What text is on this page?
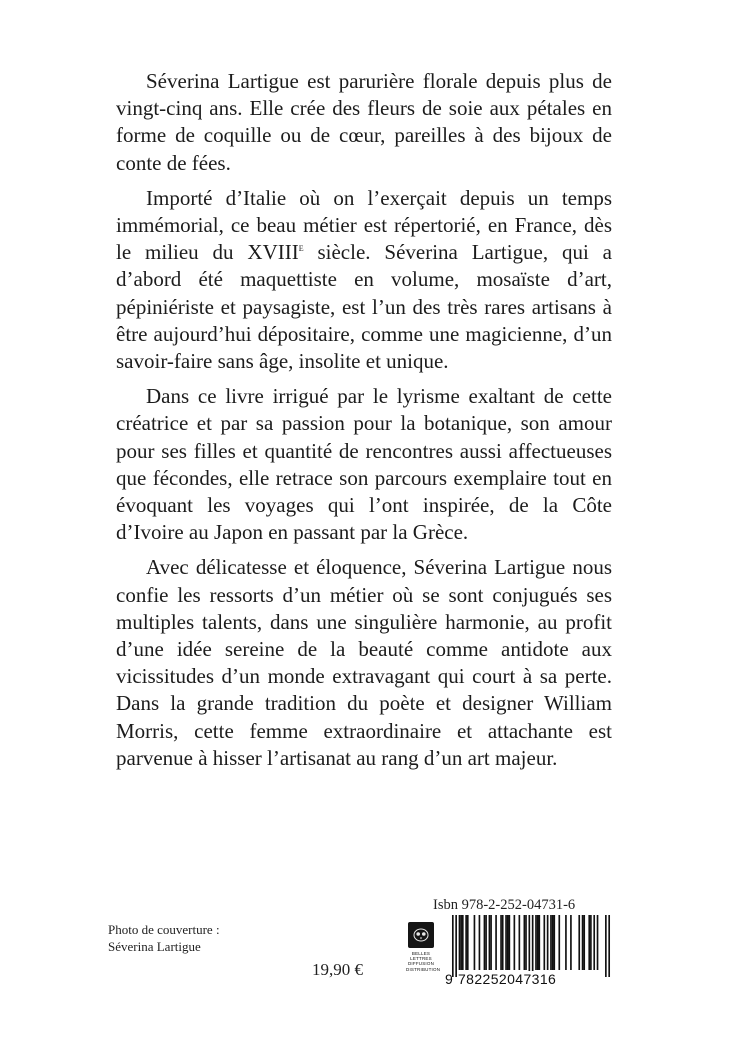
Séverina Lartigue est parurière florale depuis plus de vingt-cinq ans. Elle crée des fleurs de soie aux pétales en forme de coquille ou de cœur, pareilles à des bijoux de conte de fées.

Importé d’Italie où on l’exerçait depuis un temps immémorial, ce beau métier est répertorié, en France, dès le milieu du XVIIIe siècle. Séverina Lartigue, qui a d’abord été maquettiste en volume, mosaïste d’art, pépiniériste et paysagiste, est l’un des très rares artisans à être aujourd’hui dépositaire, comme une magicienne, d’un savoir-faire sans âge, insolite et unique.

Dans ce livre irrigué par le lyrisme exaltant de cette créatrice et par sa passion pour la botanique, son amour pour ses filles et quantité de rencontres aussi affectueuses que fécondes, elle retrace son parcours exemplaire tout en évoquant les voyages qui l’ont inspirée, de la Côte d’Ivoire au Japon en passant par la Grèce.

Avec délicatesse et éloquence, Séverina Lartigue nous confie les ressorts d’un métier où se sont conjugués ses multiples talents, dans une singulière harmonie, au profit d’une idée sereine de la beauté comme antidote aux vicissitudes d’un monde extravagant qui court à sa perte. Dans la grande tradition du poète et designer William Morris, cette femme extraordinaire et attachante est parvenue à hisser l’artisanat au rang d’un art majeur.

Photo de couverture :
Séverina Lartigue
19,90 €
Isbn 978-2-252-04731-6
BELLES LETTRES
DIFFUSION
DISTRIBUTION
9 782252047316
